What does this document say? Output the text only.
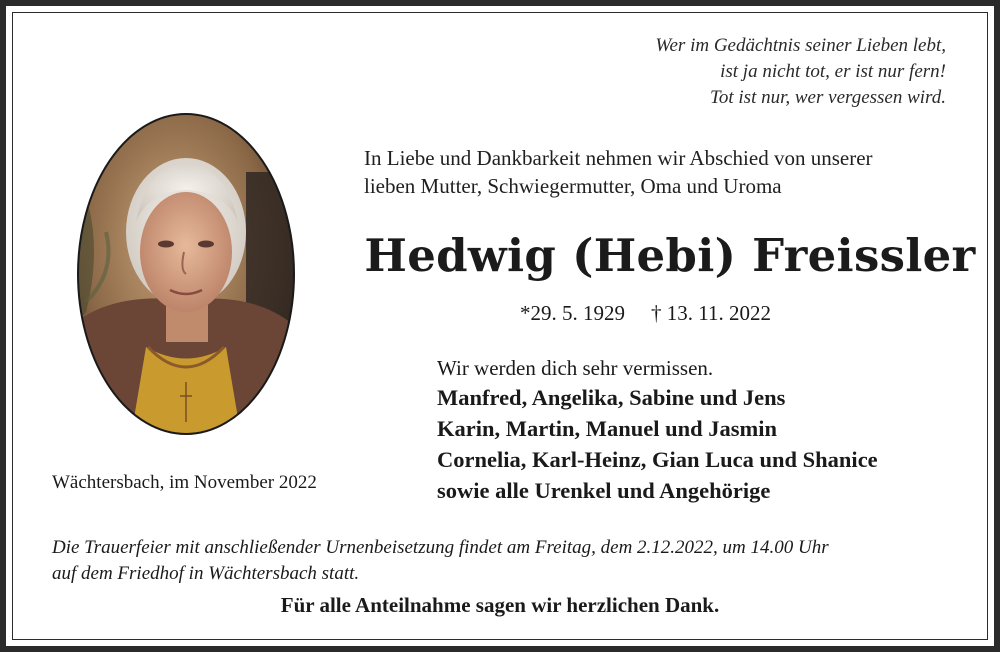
Wer im Gedächtnis seiner Lieben lebt,
ist ja nicht tot, er ist nur fern!
Tot ist nur, wer vergessen wird.
In Liebe und Dankbarkeit nehmen wir Abschied von unserer
lieben Mutter, Schwiegermutter, Oma und Uroma
Hedwig (Hebi) Freissler
*29. 5. 1929 † 13. 11. 2022
Wir werden dich sehr vermissen.
Manfred, Angelika, Sabine und Jens
Karin, Martin, Manuel und Jasmin
Cornelia, Karl-Heinz, Gian Luca und Shanice
sowie alle Urenkel und Angehörige
Wächtersbach, im November 2022
Die Trauerfeier mit anschließender Urnenbeisetzung findet am Freitag, dem 2.12.2022, um 14.00 Uhr
auf dem Friedhof in Wächtersbach statt.
Für alle Anteilnahme sagen wir herzlichen Dank.
